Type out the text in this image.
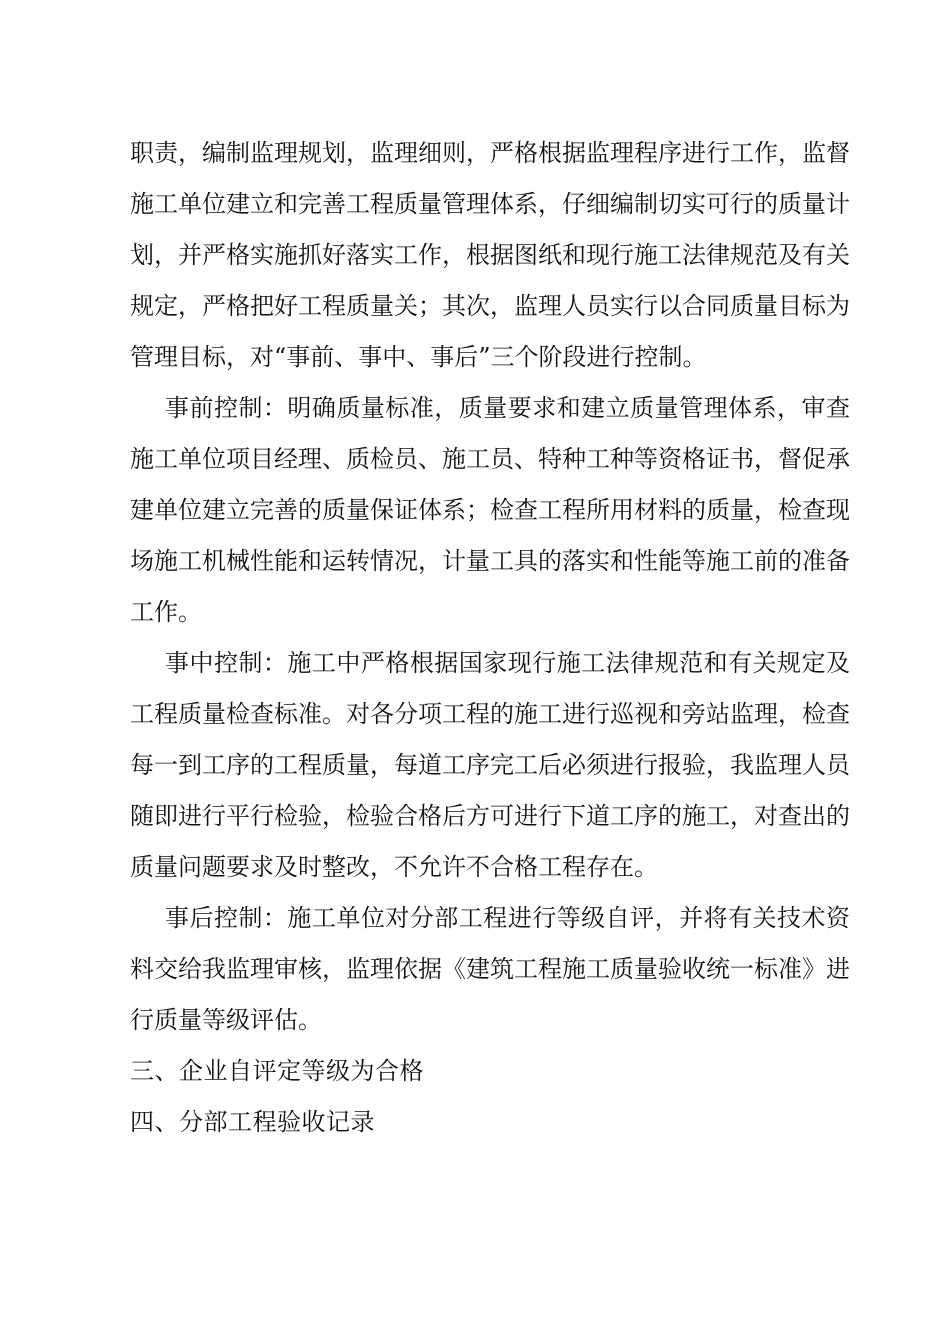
职责，编制监理规划，监理细则，严格根据监理程序进行工作，监督施工单位建立和完善工程质量管理体系，仔细编制切实可行的质量计划，并严格实施抓好落实工作，根据图纸和现行施工法律规范及有关规定，严格把好工程质量关；其次，监理人员实行以合同质量目标为管理目标，对“事前、事中、事后”三个阶段进行控制。

事前控制：明确质量标准，质量要求和建立质量管理体系，审查施工单位项目经理、质检员、施工员、特种工种等资格证书，督促承建单位建立完善的质量保证体系；检查工程所用材料的质量，检查现场施工机械性能和运转情况，计量工具的落实和性能等施工前的准备工作。

事中控制：施工中严格根据国家现行施工法律规范和有关规定及工程质量检查标准。对各分项工程的施工进行巡视和旁站监理，检查每一到工序的工程质量，每道工序完工后必须进行报验，我监理人员随即进行平行检验，检验合格后方可进行下道工序的施工，对查出的质量问题要求及时整改，不允许不合格工程存在。

事后控制：施工单位对分部工程进行等级自评，并将有关技术资料交给我监理审核，监理依据《建筑工程施工质量验收统一标准》进行质量等级评估。

三、企业自评定等级为合格

四、分部工程验收记录
